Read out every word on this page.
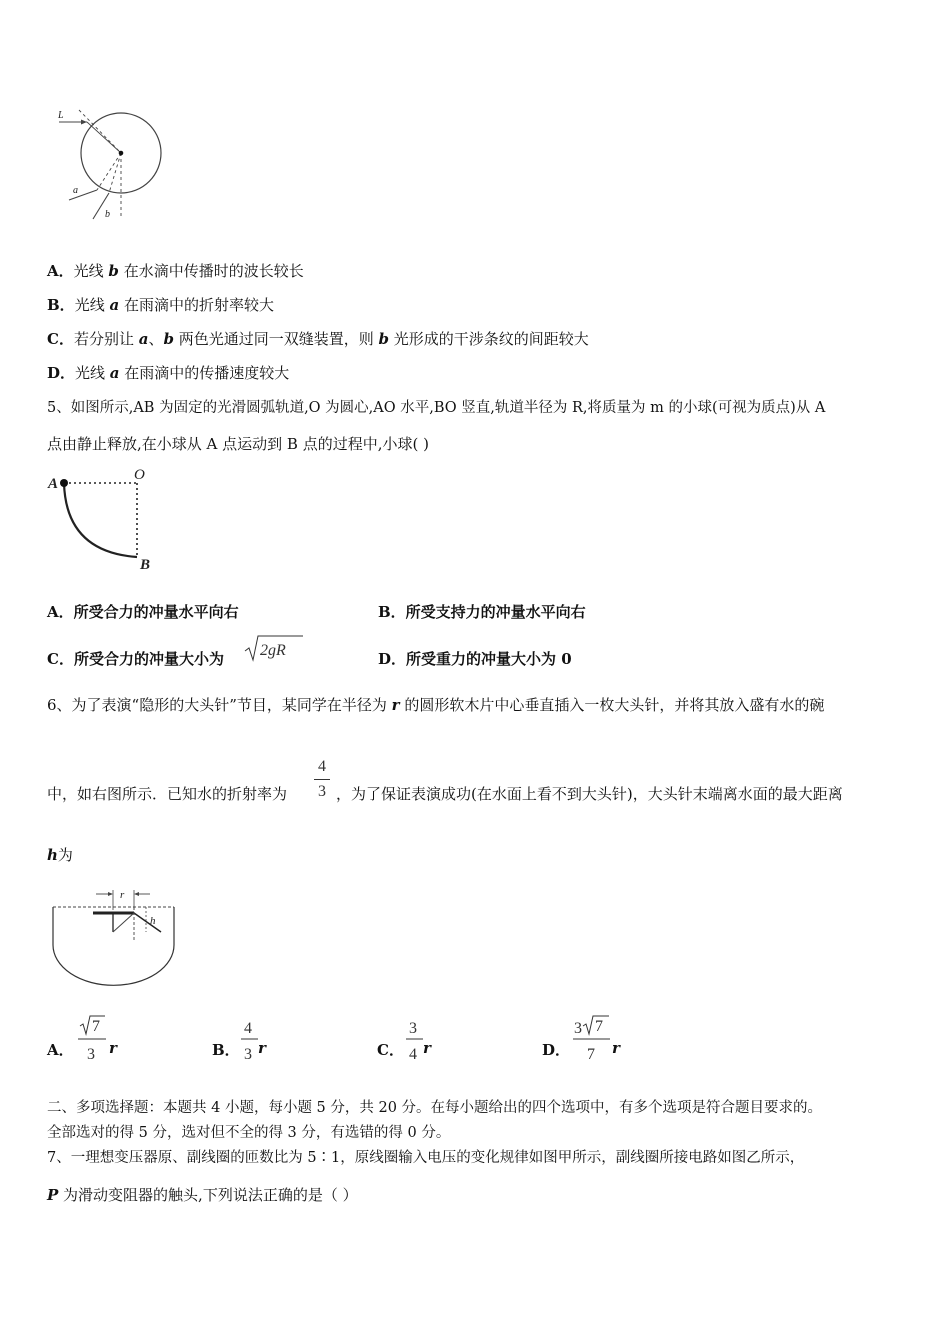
L
a
b
A．光线 b 在水滴中传播时的波长较长
B．光线 a 在雨滴中的折射率较大
C．若分别让 a、b 两色光通过同一双缝装置，则 b 光形成的干涉条纹的间距较大
D．光线 a 在雨滴中的传播速度较大
5、如图所示,AB 为固定的光滑圆弧轨道,O 为圆心,AO 水平,BO 竖直,轨道半径为 R,将质量为 m 的小球(可视为质点)从 A
点由静止释放,在小球从 A 点运动到 B 点的过程中,小球( )
A
O
B
A．所受合力的冲量水平向右	B．所受支持力的冲量水平向右
C．所受合力的冲量大小为 2gR	D．所受重力的冲量大小为 0
6、为了表演“隐形的大头针”节目，某同学在半径为 r 的圆形软木片中心垂直插入一枚大头针，并将其放入盛有水的碗
4
3
中，如右图所示．已知水的折射率为	，为了保证表演成功(在水面上看不到大头针)，大头针末端离水面的最大距离
h为
r
h
A．
7
3 r	B．
4
3 r	C．
3
4 r	D．
3 7
7 r
二、多项选择题：本题共 4 小题，每小题 5 分，共 20 分。在每小题给出的四个选项中，有多个选项是符合题目要求的。
全部选对的得 5 分，选对但不全的得 3 分，有选错的得 0 分。
7、一理想变压器原、副线圈的匝数比为 5∶1，原线圈输入电压的变化规律如图甲所示，副线圈所接电路如图乙所示，
P 为滑动变阻器的触头,下列说法正确的是（ ）
